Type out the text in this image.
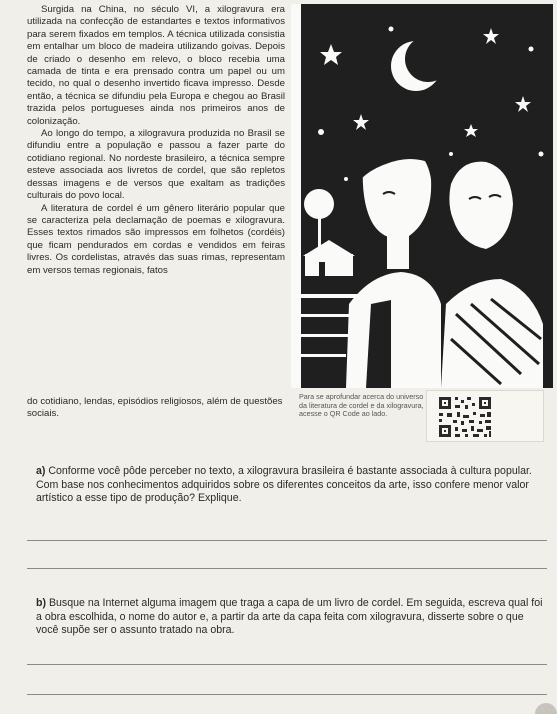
Surgida na China, no século VI, a xilogravura era utilizada na confecção de estandartes e textos informativos para serem fixados em templos. A técnica utilizada consistia em entalhar um bloco de madeira utilizando goivas. Depois de criado o desenho em relevo, o bloco recebia uma camada de tinta e era prensado contra um papel ou um tecido, no qual o desenho invertido ficava impresso. Desde então, a técnica se difundiu pela Europa e chegou ao Brasil trazida pelos portugueses ainda nos primeiros anos de colonização.

Ao longo do tempo, a xilogravura produzida no Brasil se difundiu entre a população e passou a fazer parte do cotidiano regional. No nordeste brasileiro, a técnica sempre esteve associada aos livretos de cordel, que são repletos dessas imagens e de versos que exaltam as tradições culturais do povo local.

A literatura de cordel é um gênero literário popular que se caracteriza pela declamação de poemas e xilogravura. Esses textos rimados são impressos em folhetos (cordéis) que ficam pendurados em cordas e vendidos em feiras livres. Os cordelistas, através das suas rimas, representam em versos temas regionais, fatos

do cotidiano, lendas, episódios religiosos, além de questões sociais.
Para se aprofundar acerca do universo da literatura de cordel e da xilogravura, acesse o QR Code ao lado.
a) Conforme você pôde perceber no texto, a xilogravura brasileira é bastante associada à cultura popular. Com base nos conhecimentos adquiridos sobre os diferentes conceitos da arte, isso confere menor valor artístico a esse tipo de produção? Explique.
b) Busque na Internet alguma imagem que traga a capa de um livro de cordel. Em seguida, escreva qual foi a obra escolhida, o nome do autor e, a partir da arte da capa feita com xilogravura, disserte sobre o que você supõe ser o assunto tratado na obra.
